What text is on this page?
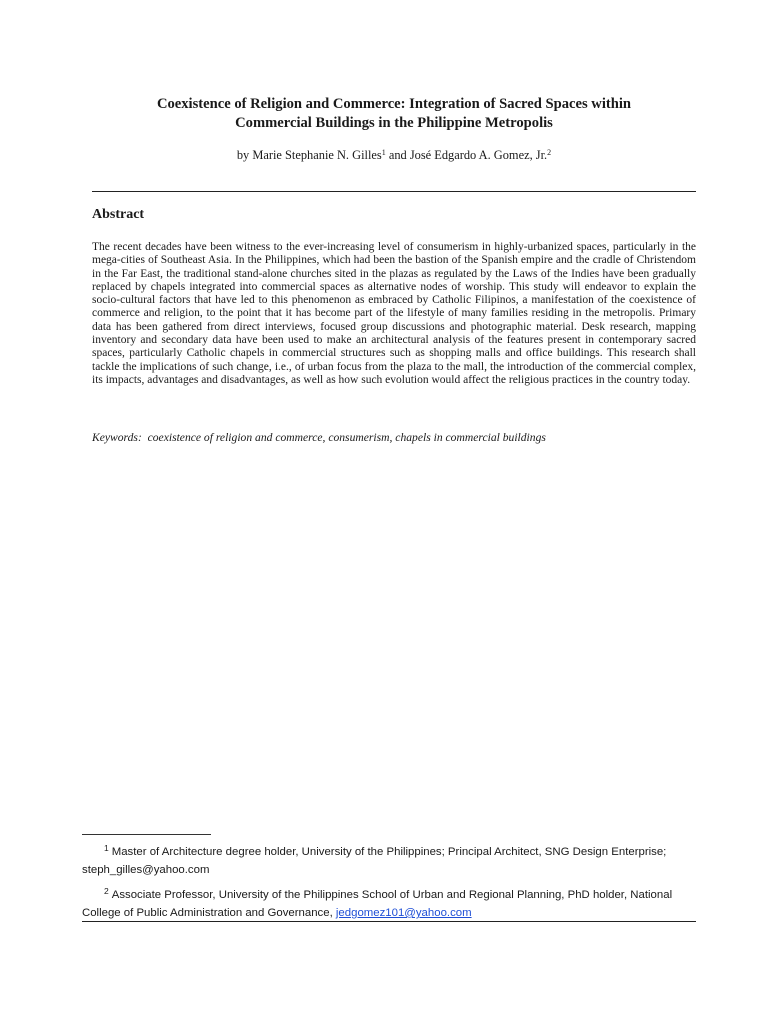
Coexistence of Religion and Commerce: Integration of Sacred Spaces within
Commercial Buildings in the Philippine Metropolis
by Marie Stephanie N. Gilles$^1$ and José Edgardo A. Gomez, Jr.$^2$
Abstract

The recent decades have been witness to the ever-increasing level of consumerism in highly-urbanized spaces, particularly in the mega-cities of Southeast Asia. In the Philippines, which had been the bastion of the Spanish empire and the cradle of Christendom in the Far East, the traditional stand-alone churches sited in the plazas as regulated by the Laws of the Indies have been gradually replaced by chapels integrated into commercial spaces as alternative nodes of worship. This study will endeavor to explain the socio-cultural factors that have led to this phenomenon as embraced by Catholic Filipinos, a manifestation of the coexistence of commerce and religion, to the point that it has become part of the lifestyle of many families residing in the metropolis. Primary data has been gathered from direct interviews, focused group discussions and photographic material. Desk research, mapping inventory and secondary data have been used to make an architectural analysis of the features present in contemporary sacred spaces, particularly Catholic chapels in commercial structures such as shopping malls and office buildings. This research shall tackle the implications of such change, i.e., of urban focus from the plaza to the mall, the introduction of the commercial complex, its impacts, advantages and disadvantages, as well as how such evolution would affect the religious practices in the country today.

Keywords: coexistence of religion and commerce, consumerism, chapels in commercial buildings
$^1$ Master of Architecture degree holder, University of the Philippines; Principal Architect, SNG Design Enterprise; steph_gilles@yahoo.com
$^2$ Associate Professor, University of the Philippines School of Urban and Regional Planning, PhD holder, National College of Public Administration and Governance, jedgomez101@yahoo.com
